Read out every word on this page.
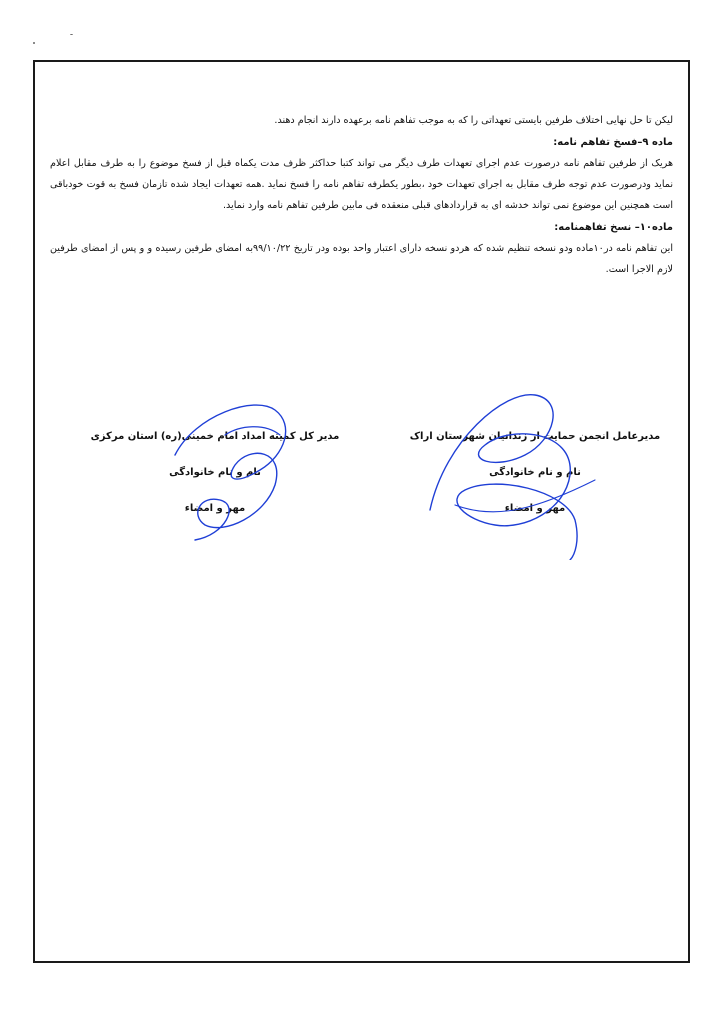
لیکن تا حل نهایی اختلاف طرفین بایستی تعهداتی را که به موجب تفاهم نامه برعهده دارند انجام دهند.

ماده ۹–فسخ تفاهم نامه:

هریک از طرفین تفاهم نامه درصورت عدم اجرای تعهدات طرف دیگر می تواند کتبا حداکثر ظرف مدت یکماه قبل از فسخ موضوع را به طرف مقابل اعلام نماید ودرصورت عدم توجه طرف مقابل به اجرای تعهدات خود ،بطور یکطرفه تفاهم نامه را فسخ نماید .همه تعهدات ایجاد شده تازمان فسخ به قوت خودباقی است همچنین این موضوع نمی تواند خدشه ای به قراردادهای قبلی منعقده فی مابین طرفین تفاهم نامه وارد نماید.

ماده۱۰– نسخ تفاهمنامه:

این تفاهم نامه در۱۰ماده ودو نسخه تنظیم شده که هردو نسخه دارای اعتبار واحد بوده ودر تاریخ ۹۹/۱۰/۲۲به امضای طرفین رسیده و و پس از امضای طرفین لازم الاجرا است.

مدیرعامل انجمن حمایت از زندانیان شهرستان اراک
نام و نام خانوادگی
مهر و امضاء
مدیر کل کمیته امداد امام خمینی(ره) استان مرکزی
نام و نام خانوادگی
مهر و امضاء
